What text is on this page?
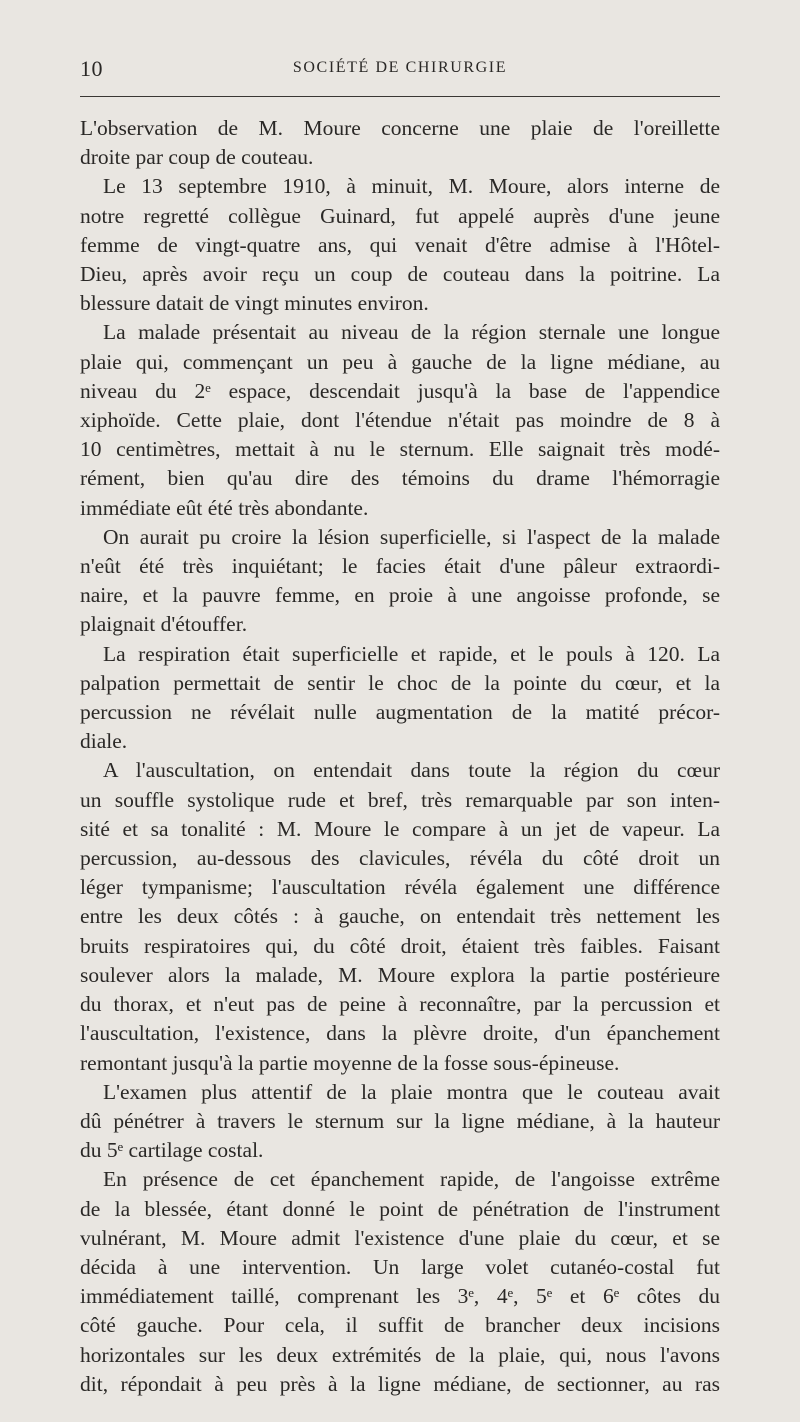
10	SOCIÉTÉ DE CHIRURGIE

L'observation de M. Moure concerne une plaie de l'oreillette
droite par coup de couteau.

Le 13 septembre 1910, à minuit, M. Moure, alors interne de
notre regretté collègue Guinard, fut appelé auprès d'une jeune
femme de vingt-quatre ans, qui venait d'être admise à l'Hôtel-
Dieu, après avoir reçu un coup de couteau dans la poitrine. La
blessure datait de vingt minutes environ.

La malade présentait au niveau de la région sternale une longue
plaie qui, commençant un peu à gauche de la ligne médiane, au
niveau du 2ᵉ espace, descendait jusqu'à la base de l'appendice
xiphoïde. Cette plaie, dont l'étendue n'était pas moindre de 8 à
10 centimètres, mettait à nu le sternum. Elle saignait très modé-
rément, bien qu'au dire des témoins du drame l'hémorragie
immédiate eût été très abondante.

On aurait pu croire la lésion superficielle, si l'aspect de la malade
n'eût été très inquiétant; le facies était d'une pâleur extraordi-
naire, et la pauvre femme, en proie à une angoisse profonde, se
plaignait d'étouffer.

La respiration était superficielle et rapide, et le pouls à 120. La
palpation permettait de sentir le choc de la pointe du cœur, et la
percussion ne révélait nulle augmentation de la matité précor-
diale.

A l'auscultation, on entendait dans toute la région du cœur
un souffle systolique rude et bref, très remarquable par son inten-
sité et sa tonalité : M. Moure le compare à un jet de vapeur. La
percussion, au-dessous des clavicules, révéla du côté droit un
léger tympanisme; l'auscultation révéla également une différence
entre les deux côtés : à gauche, on entendait très nettement les
bruits respiratoires qui, du côté droit, étaient très faibles. Faisant
soulever alors la malade, M. Moure explora la partie postérieure
du thorax, et n'eut pas de peine à reconnaître, par la percussion et
l'auscultation, l'existence, dans la plèvre droite, d'un épanchement
remontant jusqu'à la partie moyenne de la fosse sous-épineuse.

L'examen plus attentif de la plaie montra que le couteau avait
dû pénétrer à travers le sternum sur la ligne médiane, à la hauteur
du 5ᵉ cartilage costal.

En présence de cet épanchement rapide, de l'angoisse extrême
de la blessée, étant donné le point de pénétration de l'instrument
vulnérant, M. Moure admit l'existence d'une plaie du cœur, et se
décida à une intervention. Un large volet cutanéo-costal fut
immédiatement taillé, comprenant les 3ᵉ, 4ᵉ, 5ᵉ et 6ᵉ côtes du
côté gauche. Pour cela, il suffit de brancher deux incisions
horizontales sur les deux extrémités de la plaie, qui, nous l'avons
dit, répondait à peu près à la ligne médiane, de sectionner, au ras
